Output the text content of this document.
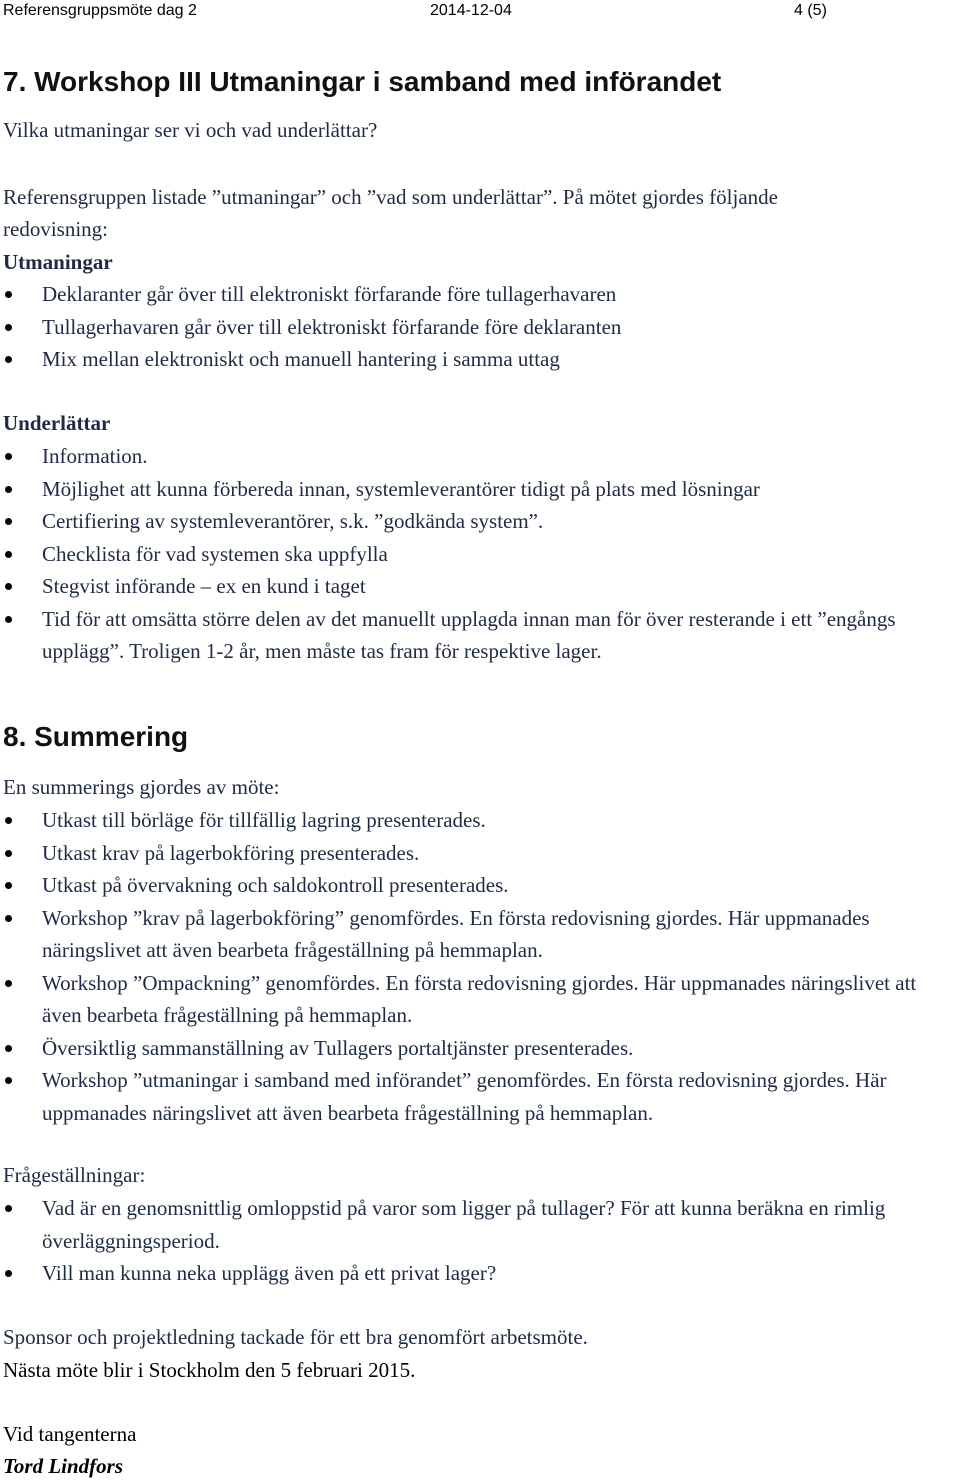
Referensgruppsmöte dag 2	2014-12-04	4 (5)
7. Workshop III Utmaningar i samband med införandet
Vilka utmaningar ser vi och vad underlättar?
Referensgruppen listade ”utmaningar” och ”vad som underlättar”. På mötet gjordes följande
redovisning:
Utmaningar
Deklaranter går över till elektroniskt förfarande före tullagerhavaren
Tullagerhavaren går över till elektroniskt förfarande före deklaranten
Mix mellan elektroniskt och manuell hantering i samma uttag
Underlättar
Information.
Möjlighet att kunna förbereda innan, systemleverantörer tidigt på plats med lösningar
Certifiering av systemleverantörer, s.k. ”godkända system”.
Checklista för vad systemen ska uppfylla
Stegvist införande – ex en kund i taget
Tid för att omsätta större delen av det manuellt upplagda innan man för över resterande i ett ”engångs upplägg”. Troligen 1-2 år, men måste tas fram för respektive lager.
8. Summering
En summerings gjordes av möte:
Utkast till börläge för tillfällig lagring presenterades.
Utkast krav på lagerbokföring presenterades.
Utkast på övervakning och saldokontroll presenterades.
Workshop ”krav på lagerbokföring” genomfördes. En första redovisning gjordes. Här uppmanades näringslivet att även bearbeta frågeställning på hemmaplan.
Workshop ”Ompackning” genomfördes. En första redovisning gjordes. Här uppmanades näringslivet att även bearbeta frågeställning på hemmaplan.
Översiktlig sammanställning av Tullagers portaltjänster presenterades.
Workshop ”utmaningar i samband med införandet” genomfördes. En första redovisning gjordes. Här uppmanades näringslivet att även bearbeta frågeställning på hemmaplan.
Frågeställningar:
Vad är en genomsnittlig omloppstid på varor som ligger på tullager? För att kunna beräkna en rimlig överläggningsperiod.
Vill man kunna neka upplägg även på ett privat lager?
Sponsor och projektledning tackade för ett bra genomfört arbetsmöte.
Nästa möte blir i Stockholm den 5 februari 2015.
Vid tangenterna
Tord Lindfors
